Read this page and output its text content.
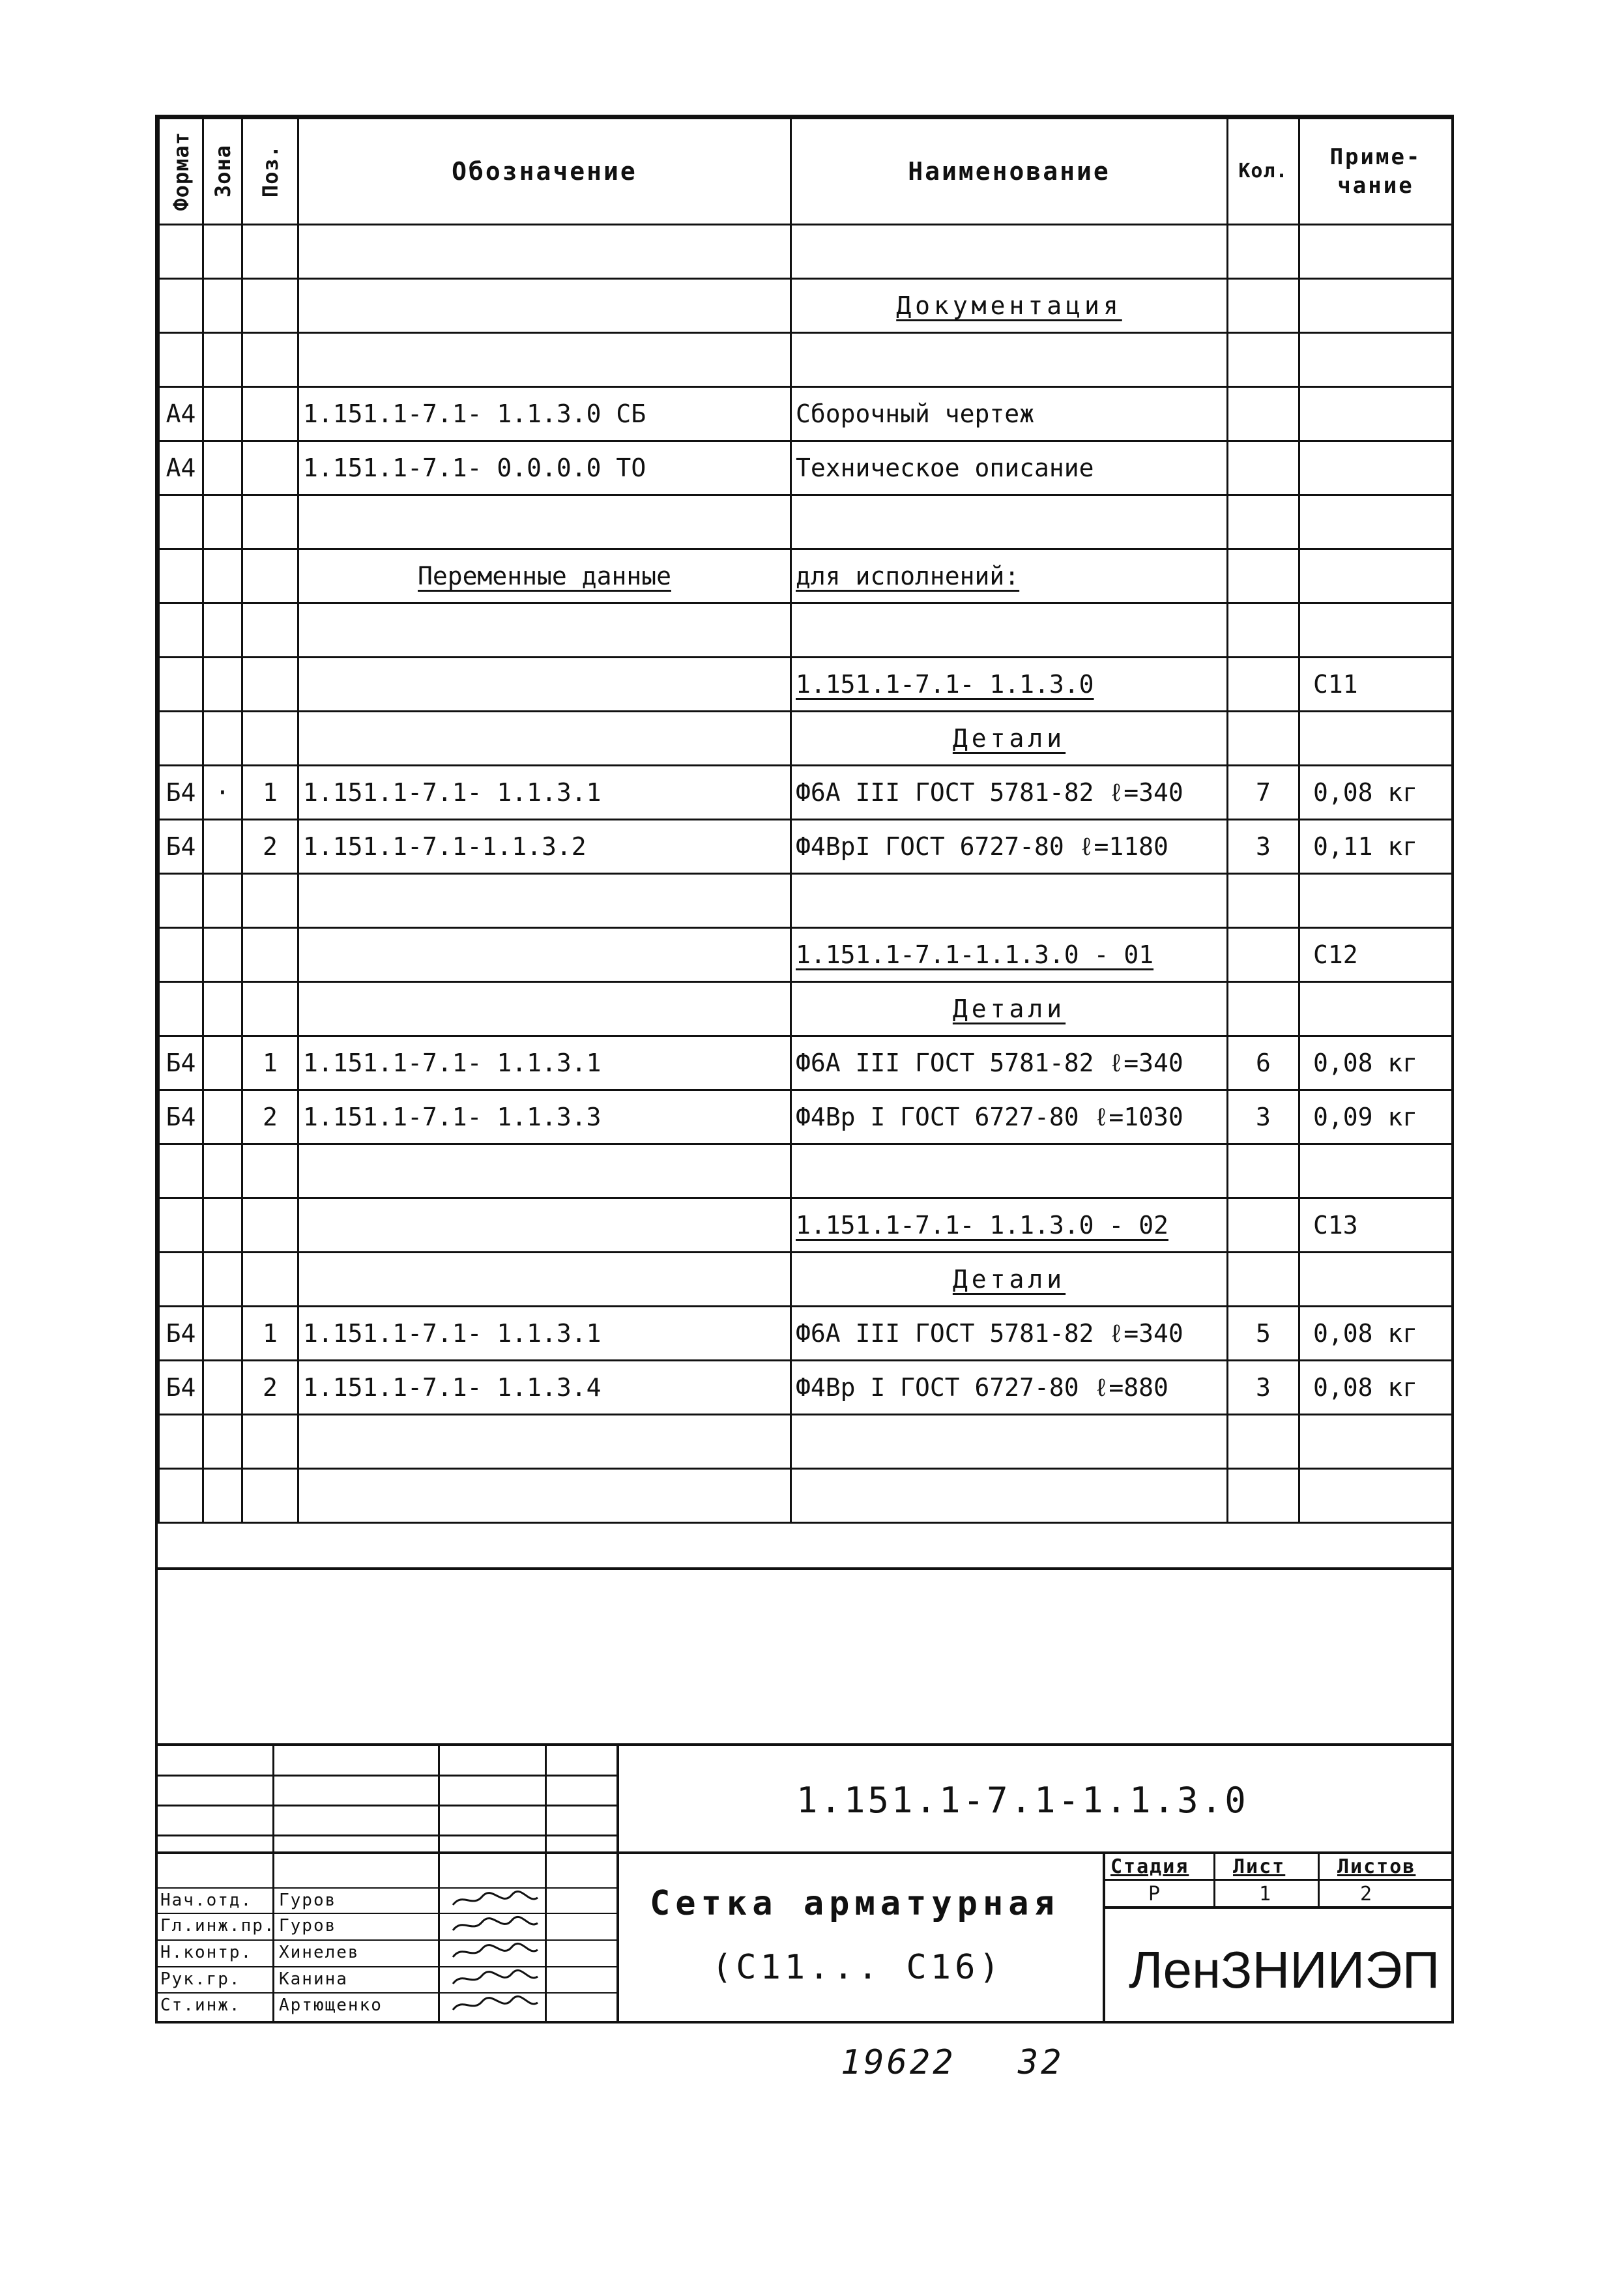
Формат	Зона	Поз.	Обозначение	Наименование	Кол.	Приме-чание

				Документация		

А4			1.151.1-7.1- 1.1.3.0 СБ	Сборочный чертеж		
А4			1.151.1-7.1- 0.0.0.0 ТО	Техническое описание		

			Переменные данные	для исполнений:		

				1.151.1-7.1- 1.1.3.0		С11
				Детали		
Б4	·	1	1.151.1-7.1- 1.1.3.1	Ф6А III ГОСТ 5781-82 ℓ=340	7	0,08 кг
Б4		2	1.151.1-7.1-1.1.3.2	Ф4ВрI ГОСТ 6727-80 ℓ=1180	3	0,11 кг

				1.151.1-7.1-1.1.3.0 - 01		С12
				Детали		
Б4		1	1.151.1-7.1- 1.1.3.1	Ф6А III ГОСТ 5781-82 ℓ=340	6	0,08 кг
Б4		2	1.151.1-7.1- 1.1.3.3	Ф4Вр I ГОСТ 6727-80 ℓ=1030	3	0,09 кг

				1.151.1-7.1- 1.1.3.0 - 02		С13
				Детали		
Б4		1	1.151.1-7.1- 1.1.3.1	Ф6А III ГОСТ 5781-82 ℓ=340	5	0,08 кг
Б4		2	1.151.1-7.1- 1.1.3.4	Ф4Вр I ГОСТ 6727-80 ℓ=880	3	0,08 кг

1.151.1-7.1-1.1.3.0
Сетка арматурная
(С11... С16)
Стадия Лист	Листов
Р	1	2
ЛенЗНИИЭП
Нач.отд. Гуров
Гл.инж.пр. Гуров
Н.контр. Хинелев
Рук.гр. Канина
Ст.инж. Артющенко
19622 32
